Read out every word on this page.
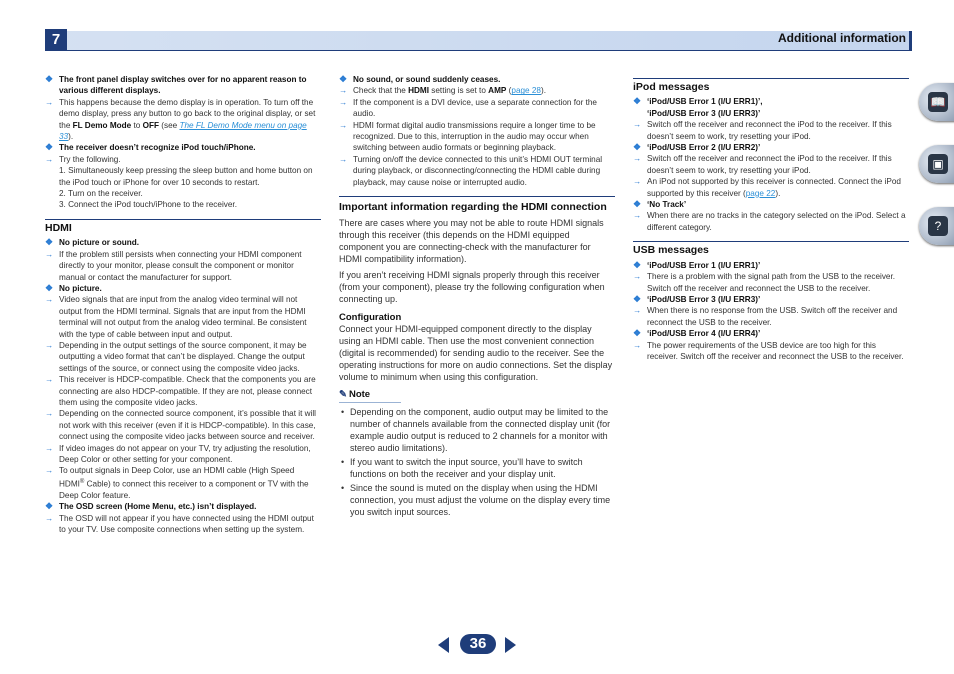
7	Additional information
❖ The front panel display switches over for no apparent reason to various different displays.
→ This happens because the demo display is in operation. To turn off the demo display, press any button to go back to the original display, or set the FL Demo Mode to OFF (see The FL Demo Mode menu on page 33).
❖ The receiver doesn’t recognize iPod touch/iPhone.
→ Try the following.
1. Simultaneously keep pressing the sleep button and home button on the iPod touch or iPhone for over 10 seconds to restart.
2. Turn on the receiver.
3. Connect the iPod touch/iPhone to the receiver.
HDMI
❖ No picture or sound.
→ If the problem still persists when connecting your HDMI component directly to your monitor, please consult the component or monitor manual or contact the manufacturer for support.
❖ No picture.
→ Video signals that are input from the analog video terminal will not output from the HDMI terminal. Signals that are input from the HDMI terminal will not output from the analog video terminal. Be consistent with the type of cable between input and output.
→ Depending in the output settings of the source component, it may be outputting a video format that can’t be displayed. Change the output settings of the source, or connect using the composite video jacks.
→ This receiver is HDCP-compatible. Check that the components you are connecting are also HDCP-compatible. If they are not, please connect them using the composite video jacks.
→ Depending on the connected source component, it’s possible that it will not work with this receiver (even if it is HDCP-compatible). In this case, connect using the composite video jacks between source and receiver.
→ If video images do not appear on your TV, try adjusting the resolution, Deep Color or other setting for your component.
→ To output signals in Deep Color, use an HDMI cable (High Speed HDMI® Cable) to connect this receiver to a component or TV with the Deep Color feature.
❖ The OSD screen (Home Menu, etc.) isn’t displayed.
→ The OSD will not appear if you have connected using the HDMI output to your TV. Use composite connections when setting up the system.
❖ No sound, or sound suddenly ceases.
→ Check that the HDMI setting is set to AMP (page 28).
→ If the component is a DVI device, use a separate connection for the audio.
→ HDMI format digital audio transmissions require a longer time to be recognized. Due to this, interruption in the audio may occur when switching between audio formats or beginning playback.
→ Turning on/off the device connected to this unit’s HDMI OUT terminal during playback, or disconnecting/connecting the HDMI cable during playback, may cause noise or interrupted audio.
Important information regarding the HDMI connection
There are cases where you may not be able to route HDMI signals through this receiver (this depends on the HDMI equipped component you are connecting-check with the manufacturer for HDMI compatibility information).
If you aren’t receiving HDMI signals properly through this receiver (from your component), please try the following configuration when connecting up.
Configuration
Connect your HDMI-equipped component directly to the display using an HDMI cable. Then use the most convenient connection (digital is recommended) for sending audio to the receiver. See the operating instructions for more on audio connections. Set the display volume to minimum when using this configuration.
✎ Note
• Depending on the component, audio output may be limited to the number of channels available from the connected display unit (for example audio output is reduced to 2 channels for a monitor with stereo audio limitations).
• If you want to switch the input source, you’ll have to switch functions on both the receiver and your display unit.
• Since the sound is muted on the display when using the HDMI connection, you must adjust the volume on the display every time you switch input sources.
iPod messages
❖ ‘iPod/USB Error 1 (I/U ERR1)’,
‘iPod/USB Error 3 (I/U ERR3)’
→ Switch off the receiver and reconnect the iPod to the receiver. If this doesn’t seem to work, try resetting your iPod.
❖ ‘iPod/USB Error 2 (I/U ERR2)’
→ Switch off the receiver and reconnect the iPod to the receiver. If this doesn’t seem to work, try resetting your iPod.
→ An iPod not supported by this receiver is connected. Connect the iPod supported by this receiver (page 22).
❖ ‘No Track’
→ When there are no tracks in the category selected on the iPod. Select a different category.
USB messages
❖ ‘iPod/USB Error 1 (I/U ERR1)’
→ There is a problem with the signal path from the USB to the receiver. Switch off the receiver and reconnect the USB to the receiver.
❖ ‘iPod/USB Error 3 (I/U ERR3)’
→ When there is no response from the USB. Switch off the receiver and reconnect the USB to the receiver.
❖ ‘iPod/USB Error 4 (I/U ERR4)’
→ The power requirements of the USB device are too high for this receiver. Switch off the receiver and reconnect the USB to the receiver.
📖
▣
?
36
